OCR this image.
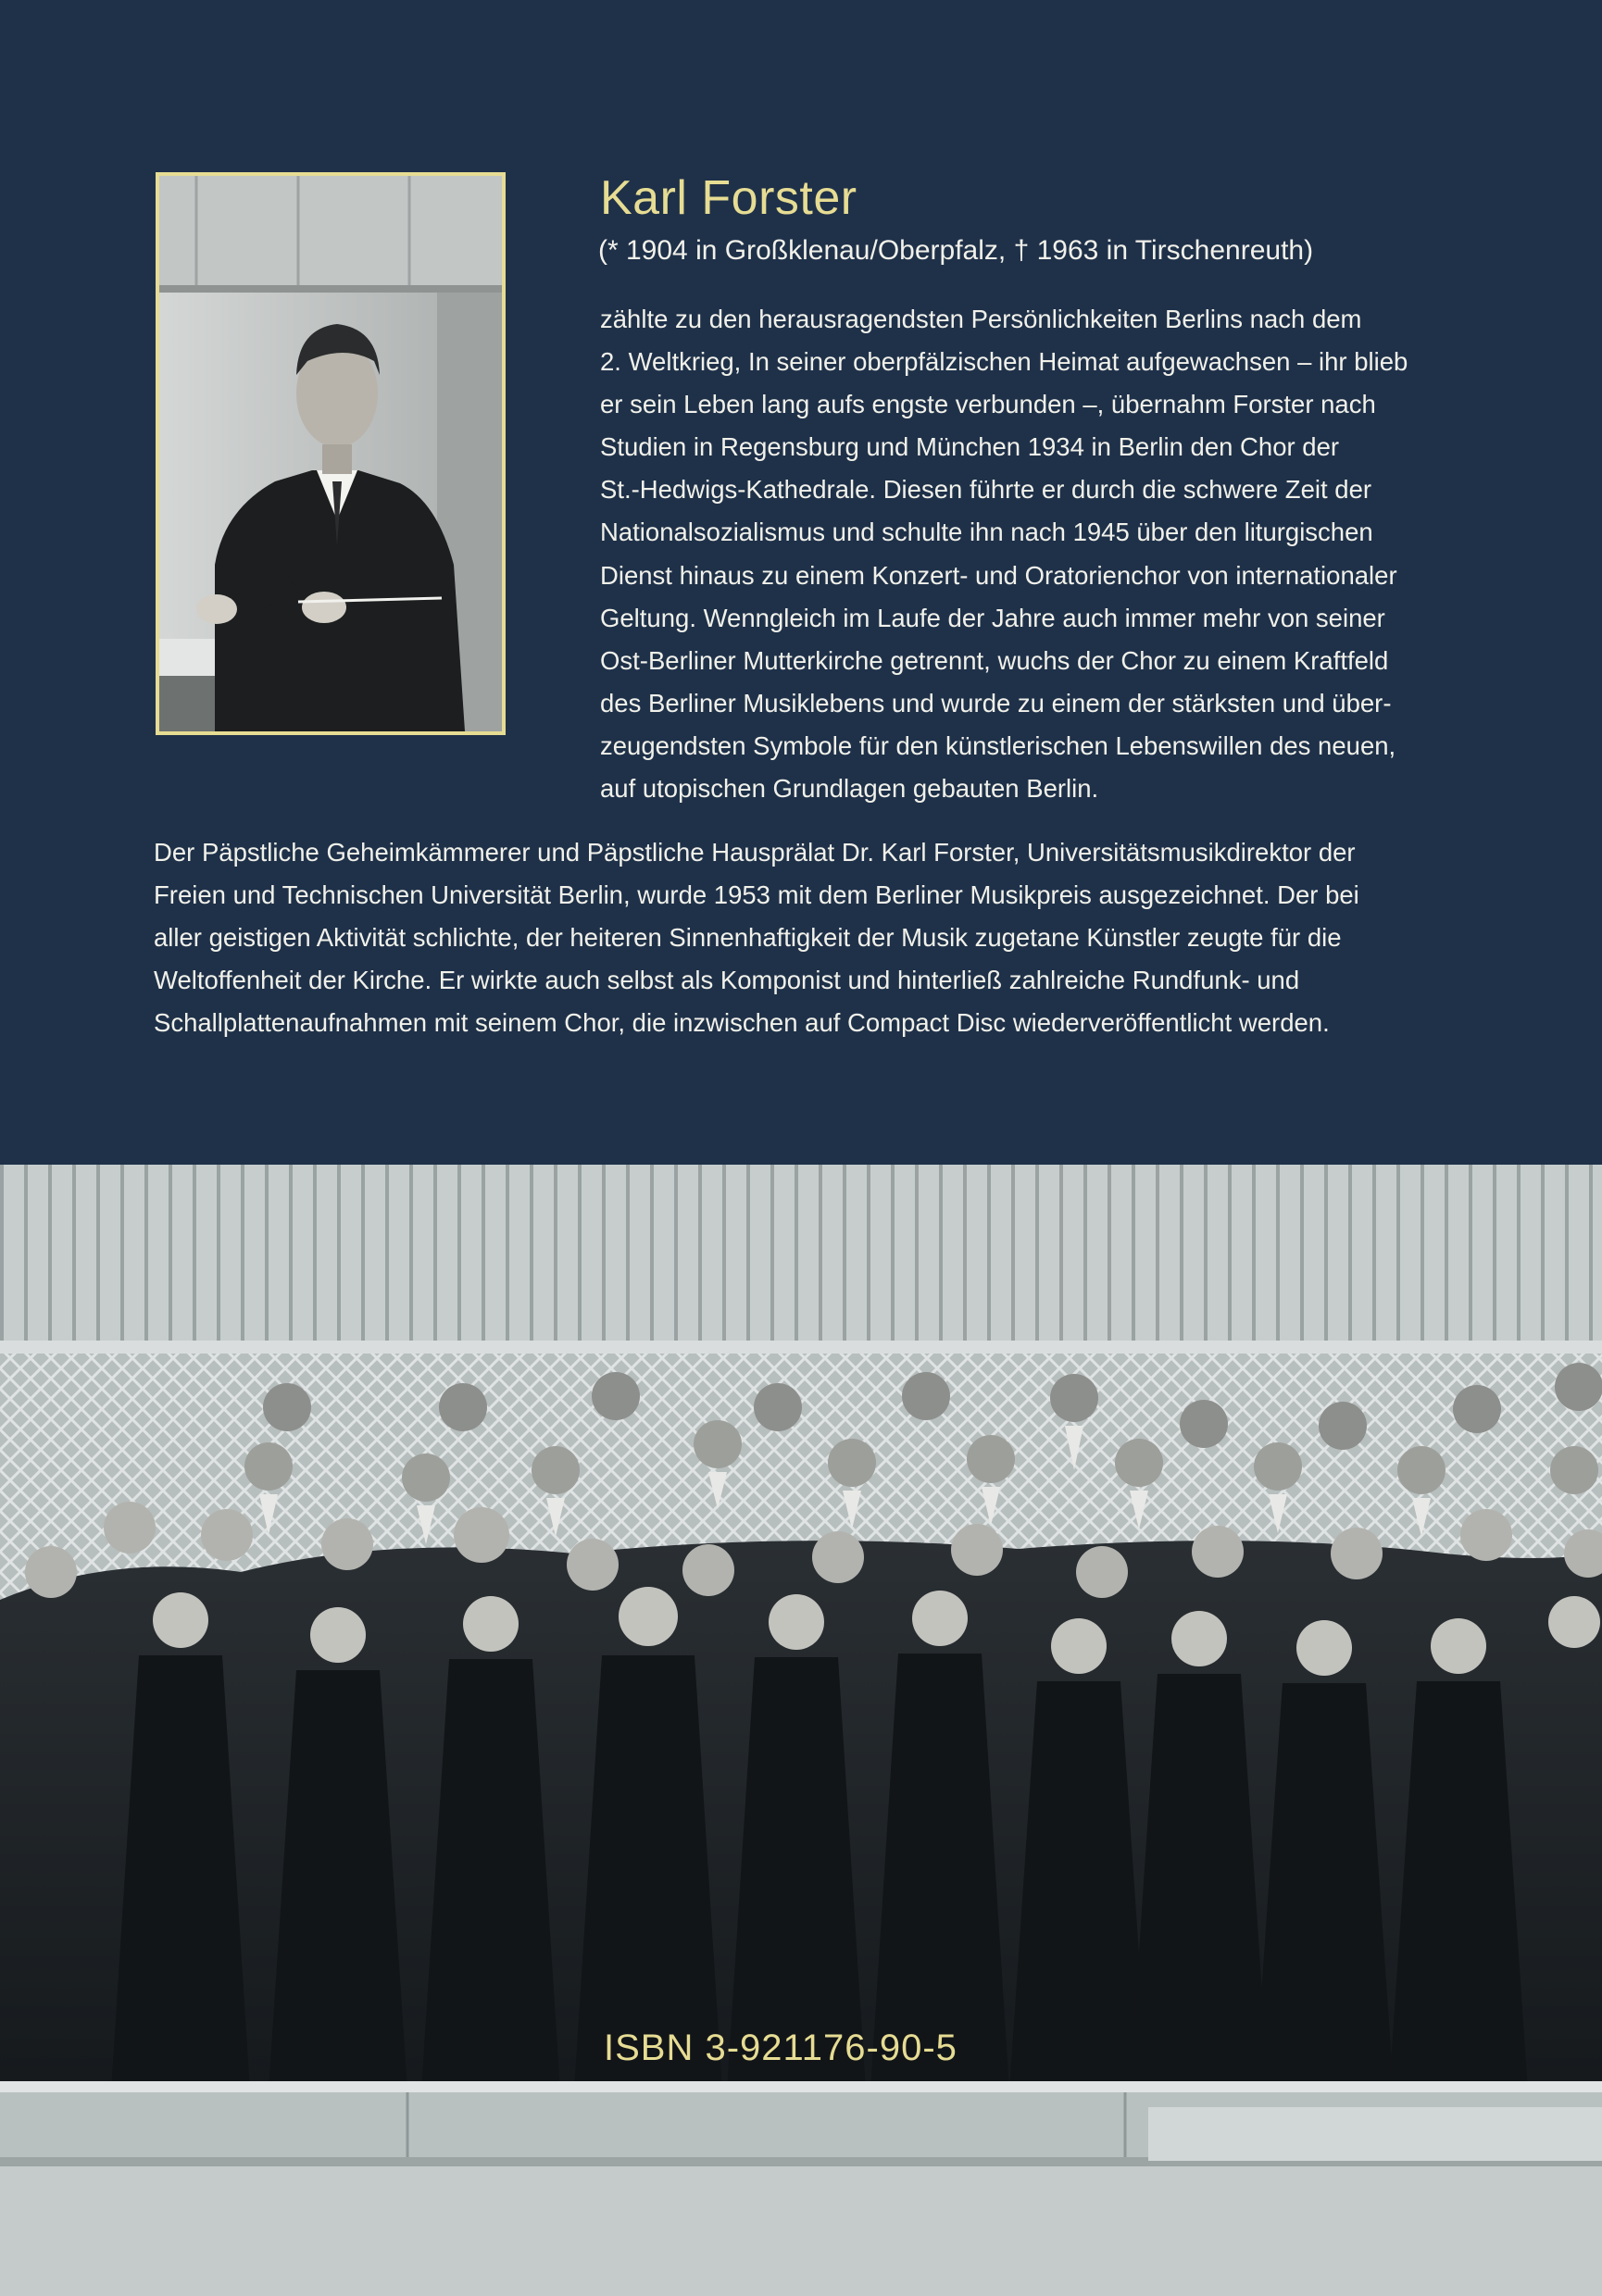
Karl Forster

(* 1904 in Großklenau/Oberpfalz, † 1963 in Tirschenreuth)

zählte zu den herausragendsten Persönlichkeiten Berlins nach dem
2. Weltkrieg, In seiner oberpfälzischen Heimat aufgewachsen – ihr blieb
er sein Leben lang aufs engste verbunden –, übernahm Forster nach
Studien in Regensburg und München 1934 in Berlin den Chor der
St.-Hedwigs-Kathedrale. Diesen führte er durch die schwere Zeit der
Nationalsozialismus und schulte ihn nach 1945 über den liturgischen
Dienst hinaus zu einem Konzert- und Oratorienchor von internationaler
Geltung. Wenngleich im Laufe der Jahre auch immer mehr von seiner
Ost-Berliner Mutterkirche getrennt, wuchs der Chor zu einem Kraftfeld
des Berliner Musiklebens und wurde zu einem der stärksten und über-
zeugendsten Symbole für den künstlerischen Lebenswillen des neuen,
auf utopischen Grundlagen gebauten Berlin.

Der Päpstliche Geheimkämmerer und Päpstliche Hausprälat Dr. Karl Forster, Universitätsmusikdirektor der
Freien und Technischen Universität Berlin, wurde 1953 mit dem Berliner Musikpreis ausgezeichnet. Der bei
aller geistigen Aktivität schlichte, der heiteren Sinnenhaftigkeit der Musik zugetane Künstler zeugte für die
Weltoffenheit der Kirche. Er wirkte auch selbst als Komponist und hinterließ zahlreiche Rundfunk- und
Schallplattenaufnahmen mit seinem Chor, die inzwischen auf Compact Disc wiederveröffentlicht werden.

ISBN 3-921176-90-5
